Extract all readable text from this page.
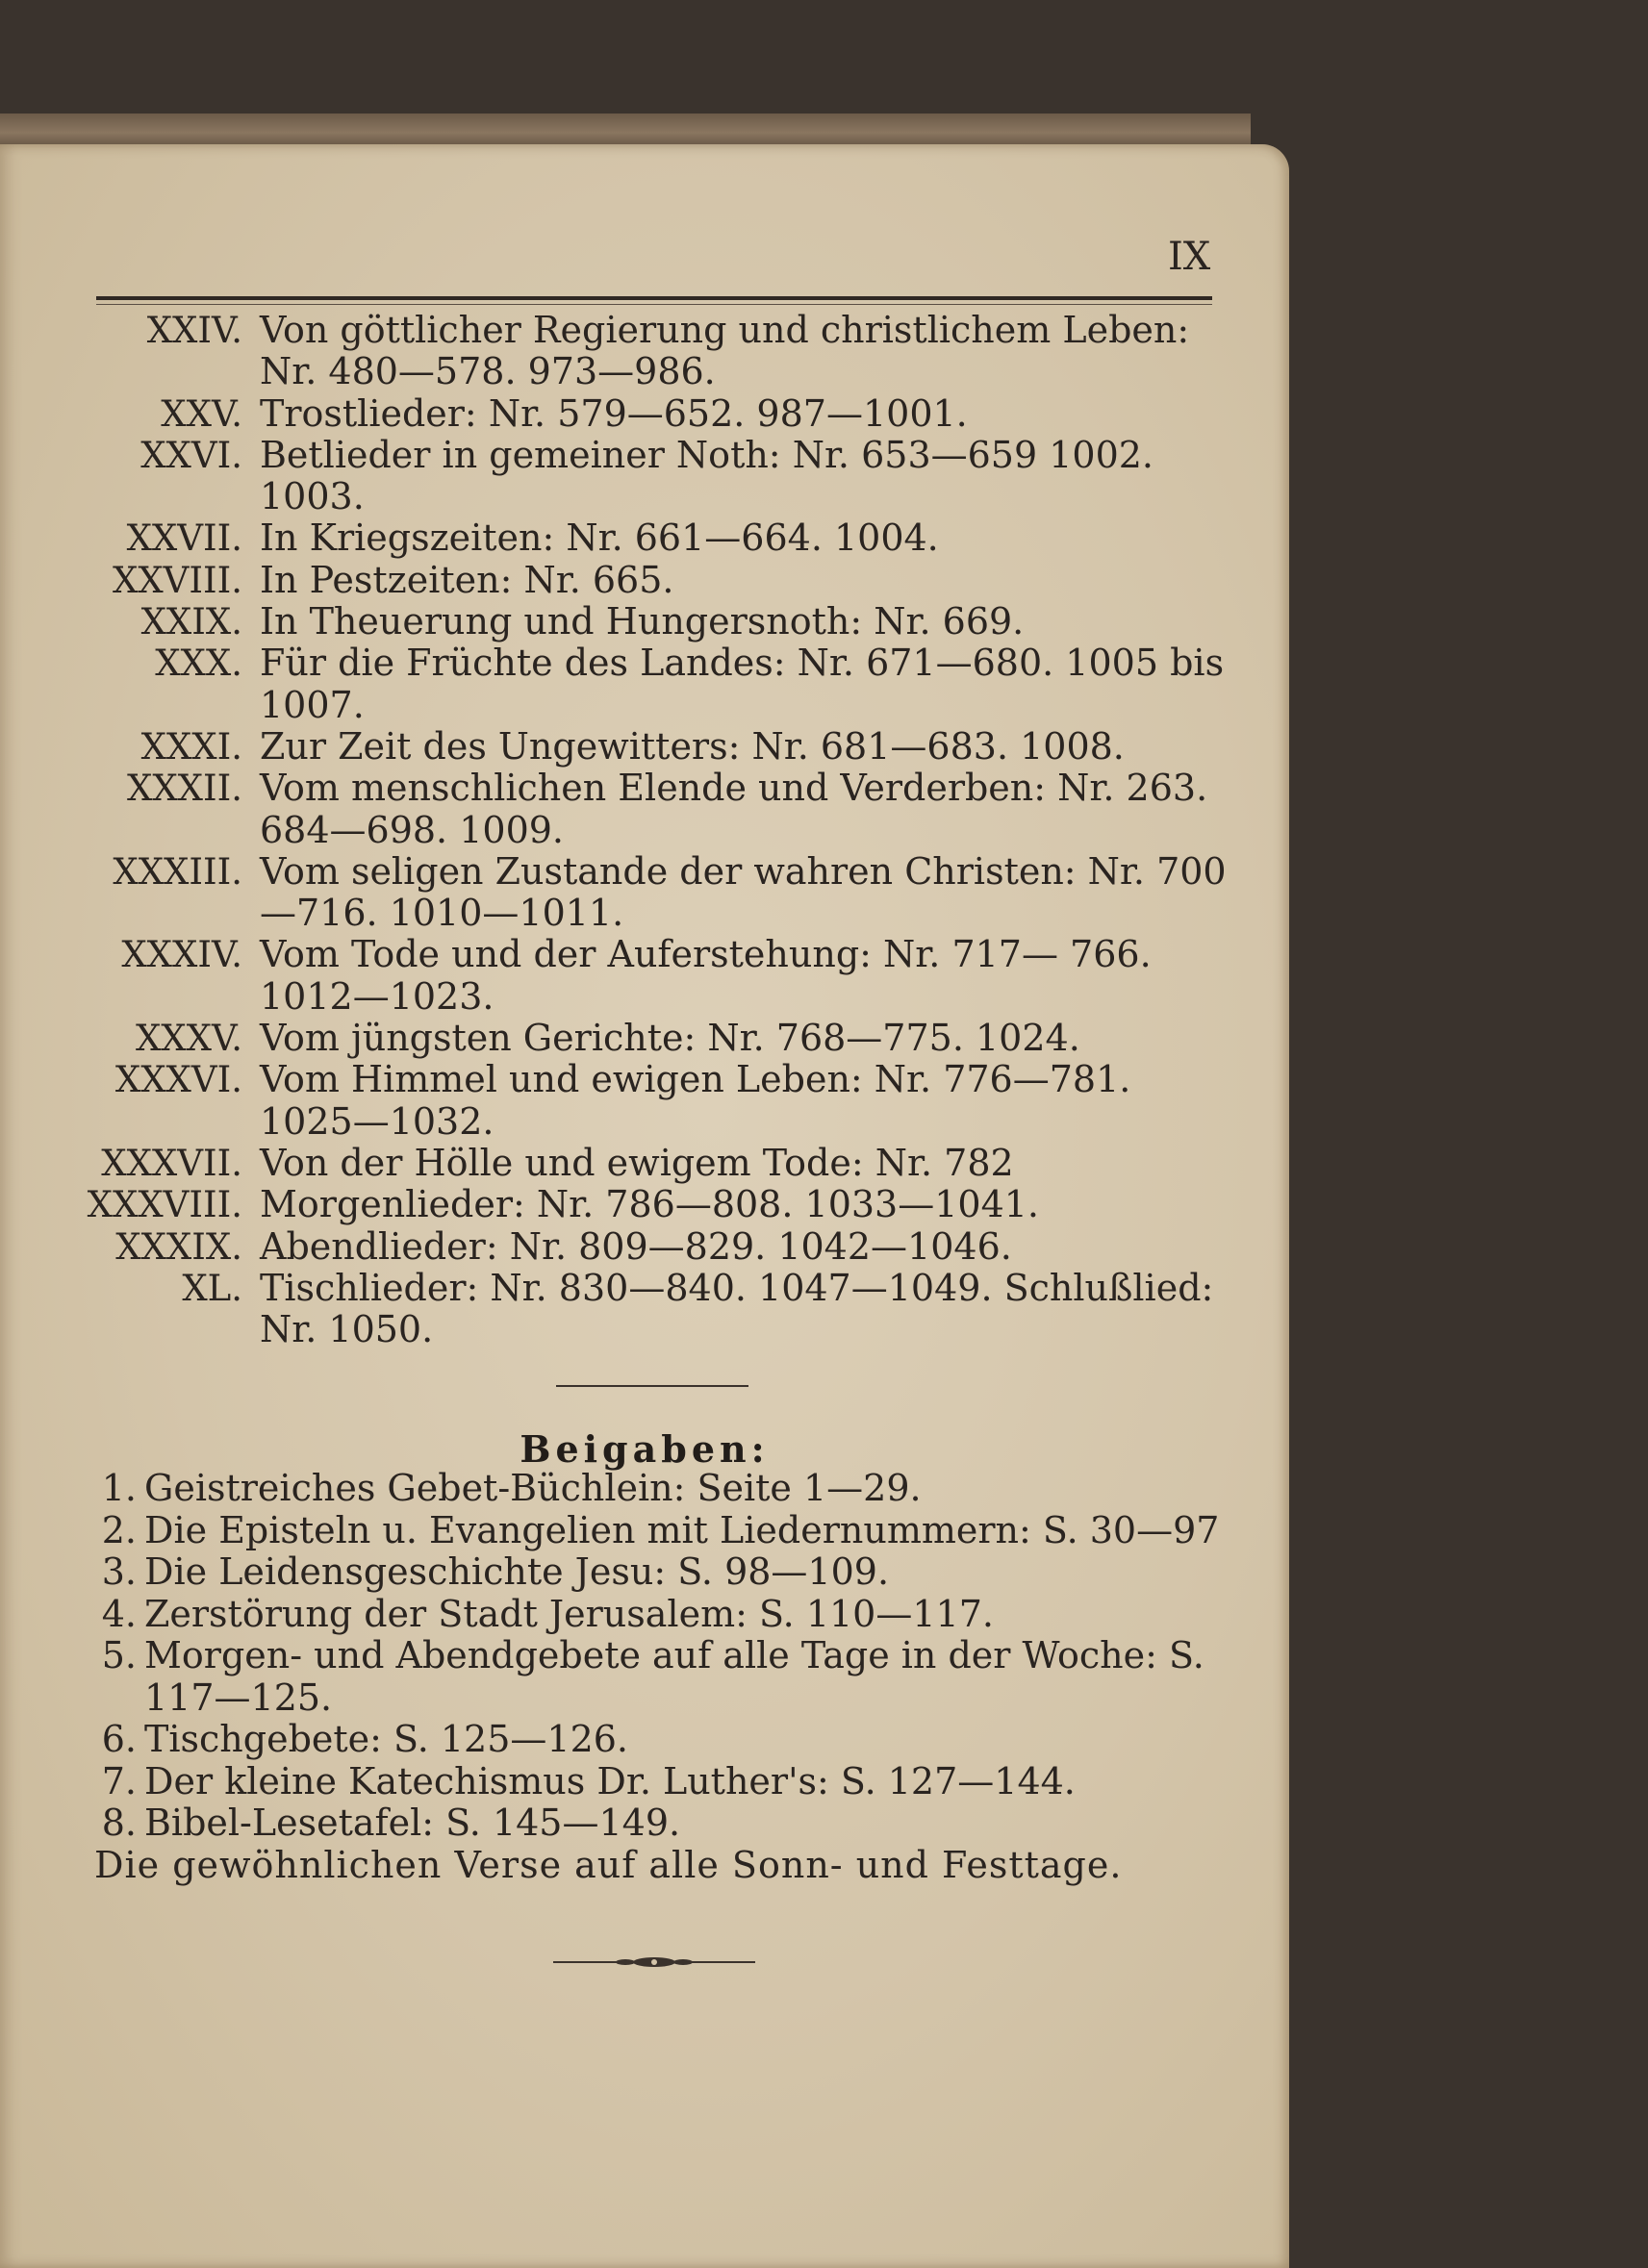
IX
XXIV. Von göttlicher Regierung und christlichem Leben: Nr. 480—578. 973—986.
XXV. Trostlieder: Nr. 579—652. 987—1001.
XXVI. Betlieder in gemeiner Noth: Nr. 653—659 1002. 1003.
XXVII. In Kriegszeiten: Nr. 661—664. 1004.
XXVIII. In Pestzeiten: Nr. 665.
XXIX. In Theuerung und Hungersnoth: Nr. 669.
XXX. Für die Früchte des Landes: Nr. 671—680. 1005 bis 1007.
XXXI. Zur Zeit des Ungewitters: Nr. 681—683. 1008.
XXXII. Vom menschlichen Elende und Verderben: Nr. 263. 684—698. 1009.
XXXIII. Vom seligen Zustande der wahren Christen: Nr. 700—716. 1010—1011.
XXXIV. Vom Tode und der Auferstehung: Nr. 717— 766. 1012—1023.
XXXV. Vom jüngsten Gerichte: Nr. 768—775. 1024.
XXXVI. Vom Himmel und ewigen Leben: Nr. 776—781. 1025—1032.
XXXVII. Von der Hölle und ewigem Tode: Nr. 782
XXXVIII. Morgenlieder: Nr. 786—808. 1033—1041.
XXXIX. Abendlieder: Nr. 809—829. 1042—1046.
XL. Tischlieder: Nr. 830—840. 1047—1049. Schlußlied: Nr. 1050.
Beigaben:
1. Geistreiches Gebet-Büchlein: Seite 1—29.
2. Die Episteln u. Evangelien mit Liedernummern: S. 30—97
3. Die Leidensgeschichte Jesu: S. 98—109.
4. Zerstörung der Stadt Jerusalem: S. 110—117.
5. Morgen- und Abendgebete auf alle Tage in der Woche: S. 117—125.
6. Tischgebete: S. 125—126.
7. Der kleine Katechismus Dr. Luther's: S. 127—144.
8. Bibel-Lesetafel: S. 145—149.
Die gewöhnlichen Verse auf alle Sonn- und Festtage.
